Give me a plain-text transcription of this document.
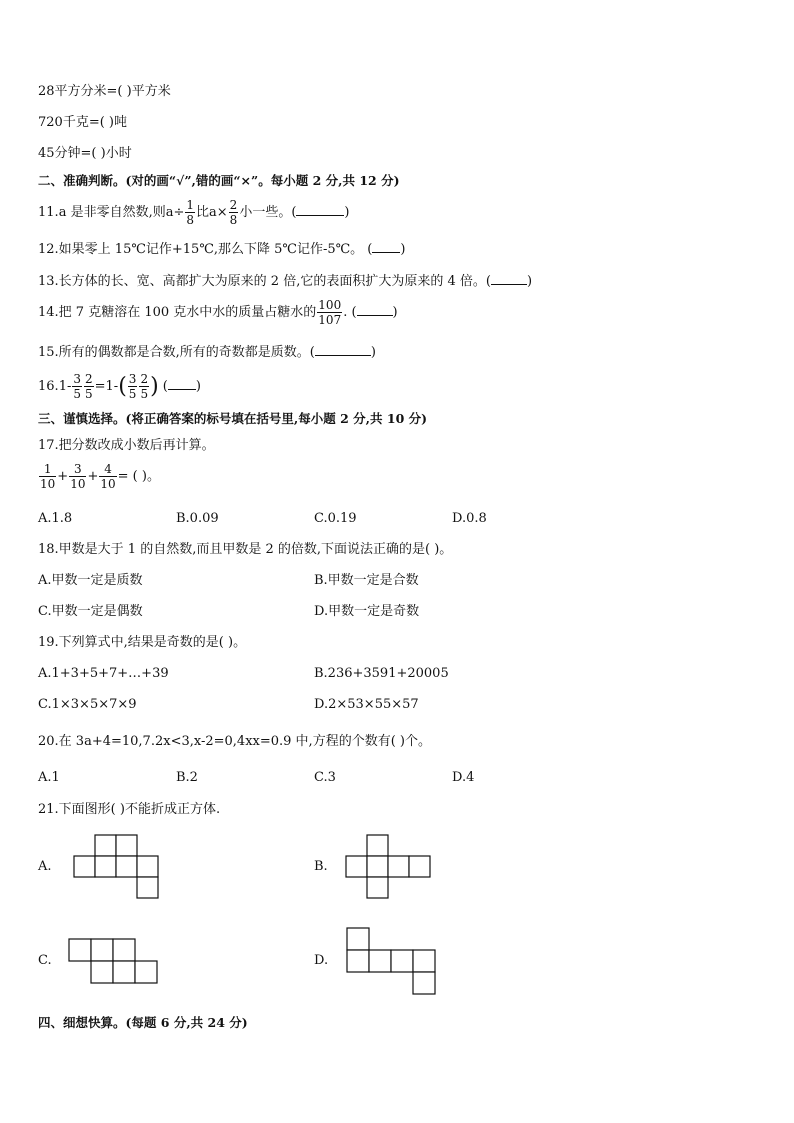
28平方分米=( )平方米
720千克=( )吨
45分钟=( )小时
二、准确判断。(对的画“√”,错的画“×”。每小题 2 分,共 12 分)
11.a 是非零自然数,则$a\div \frac{1}{8}$ 比$a\times \frac{2}{8}$ 小一些。(	)
12.如果零上 15℃记作+15℃,那么下降 5℃记作-5℃。 ( )
13.长方体的长、宽、高都扩大为原来的 2 倍,它的表面积扩大为原来的 4 倍。(	)
14.把 7 克糖溶在 100 克水中水的质量占糖水的 $\frac{100}{107}$ . (	)
15.所有的偶数都是合数,所有的奇数都是质数。(	)
$16.1- \frac{3}{5} \frac{2}{5} =1-( \frac{3}{5} \frac{2}{5}$ ) ( )
三、谨慎选择。(将正确答案的标号填在括号里,每小题 2 分,共 10 分)
17.把分数改成小数后再计算。
$\frac{1}{10} + \frac{3}{10} + \frac{4}{10}$ = ( )。
A.1.8	B.0.09	C.0.19	D.0.8
18.甲数是大于 1 的自然数,而且甲数是 2 的倍数,下面说法正确的是( )。
A.甲数一定是质数	B.甲数一定是合数
C.甲数一定是偶数	D.甲数一定是奇数
19.下列算式中,结果是奇数的是( )。
A.1+3+5+7+…+39	B.236+3591+20005
C.1×3×5×7×9	D.2×53×55×57
20.在 3a+4=10,7.2x<3,x-2=0,4xx=0.9 中,方程的个数有( )个。
A.1	B.2	C.3	D.4
21.下面图形( )不能折成正方体.
A.	B.
C.	D.
四、细想快算。(每题 6 分,共 24 分)
